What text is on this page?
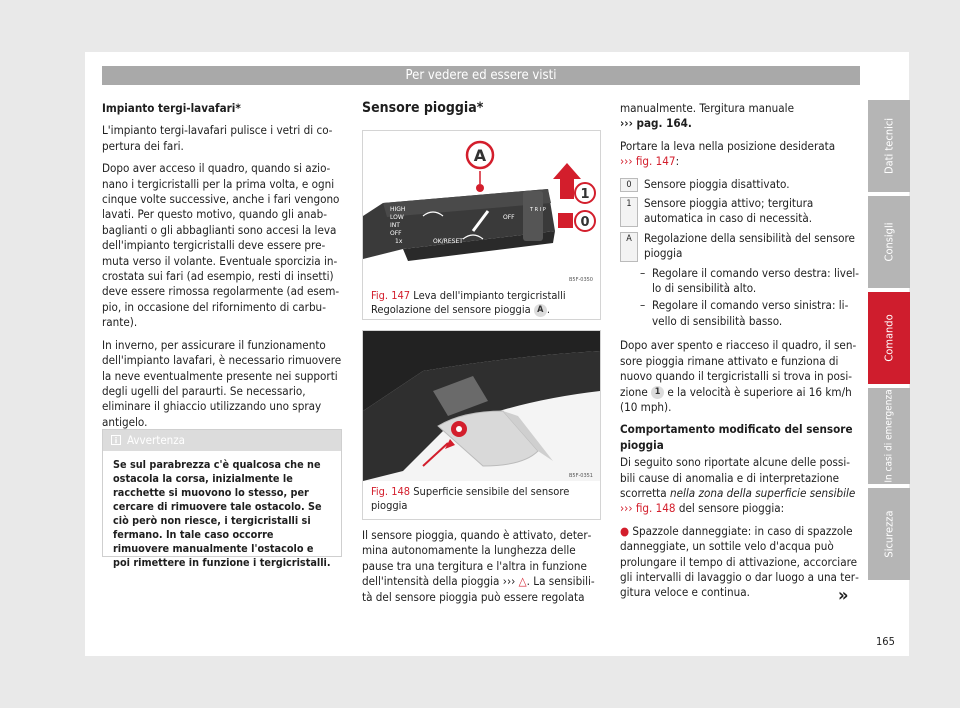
Per vedere ed essere visti

Impianto tergi-lavafari*

L'impianto tergi-lavafari pulisce i vetri di copertura dei fari.

Dopo aver acceso il quadro, quando si azionano i tergicristalli per la prima volta, e ogni cinque volte successive, anche i fari vengono lavati. Per questo motivo, quando gli anabbaglianti o gli abbaglianti sono accesi la leva dell'impianto tergicristalli deve essere premuta verso il volante. Eventuale sporcizia incrostata sui fari (ad esempio, resti di insetti) deve essere rimossa regolarmente (ad esempio, in occasione del rifornimento di carburante).

In inverno, per assicurare il funzionamento dell'impianto lavafari, è necessario rimuovere la neve eventualmente presente nei supporti degli ugelli del paraurti. Se necessario, eliminare il ghiaccio utilizzando uno spray antigelo.

Avvertenza
Se sul parabrezza c'è qualcosa che ne ostacola la corsa, inizialmente le racchette si muovono lo stesso, per cercare di rimuovere tale ostacolo. Se ciò però non riesce, i tergicristalli si fermano. In tale caso occorre rimuovere manualmente l'ostacolo e poi rimettere in funzione i tergicristalli.
Sensore pioggia*
A
HIGH
LOW
INT
OFF
1x	OK/RESET
OFF
T R I P
1
0
B5F-0350
Fig. 147 Leva dell'impianto tergicristalli Regolazione del sensore pioggia A .
B5F-0351
Fig. 148 Superficie sensibile del sensore pioggia
Il sensore pioggia, quando è attivato, determina autonomamente la lunghezza delle pause tra una tergitura e l'altra in funzione dell'intensità della pioggia ››› △. La sensibilità del sensore pioggia può essere regolata

manualmente. Tergitura manuale
››› pag. 164.

Portare la leva nella posizione desiderata
››› fig. 147:

0	Sensore pioggia disattivato.
1	Sensore pioggia attivo; tergitura automatica in caso di necessità.
A	Regolazione della sensibilità del sensore pioggia
– Regolare il comando verso destra: livello di sensibilità alto.
– Regolare il comando verso sinistra: livello di sensibilità basso.

Dopo aver spento e riacceso il quadro, il sensore pioggia rimane attivato e funziona di nuovo quando il tergicristalli si trova in posizione 1 e la velocità è superiore ai 16 km/h (10 mph).

Comportamento modificato del sensore pioggia

Di seguito sono riportate alcune delle possibili cause di anomalia e di interpretazione scorretta nella zona della superficie sensibile
››› fig. 148 del sensore pioggia:

● Spazzole danneggiate: in caso di spazzole danneggiate, un sottile velo d'acqua può prolungare il tempo di attivazione, accorciare gli intervalli di lavaggio o dar luogo a una tergitura veloce e continua.	»
Dati tecnici
Consigli
Comando
In casi di emergenza
Sicurezza
165
